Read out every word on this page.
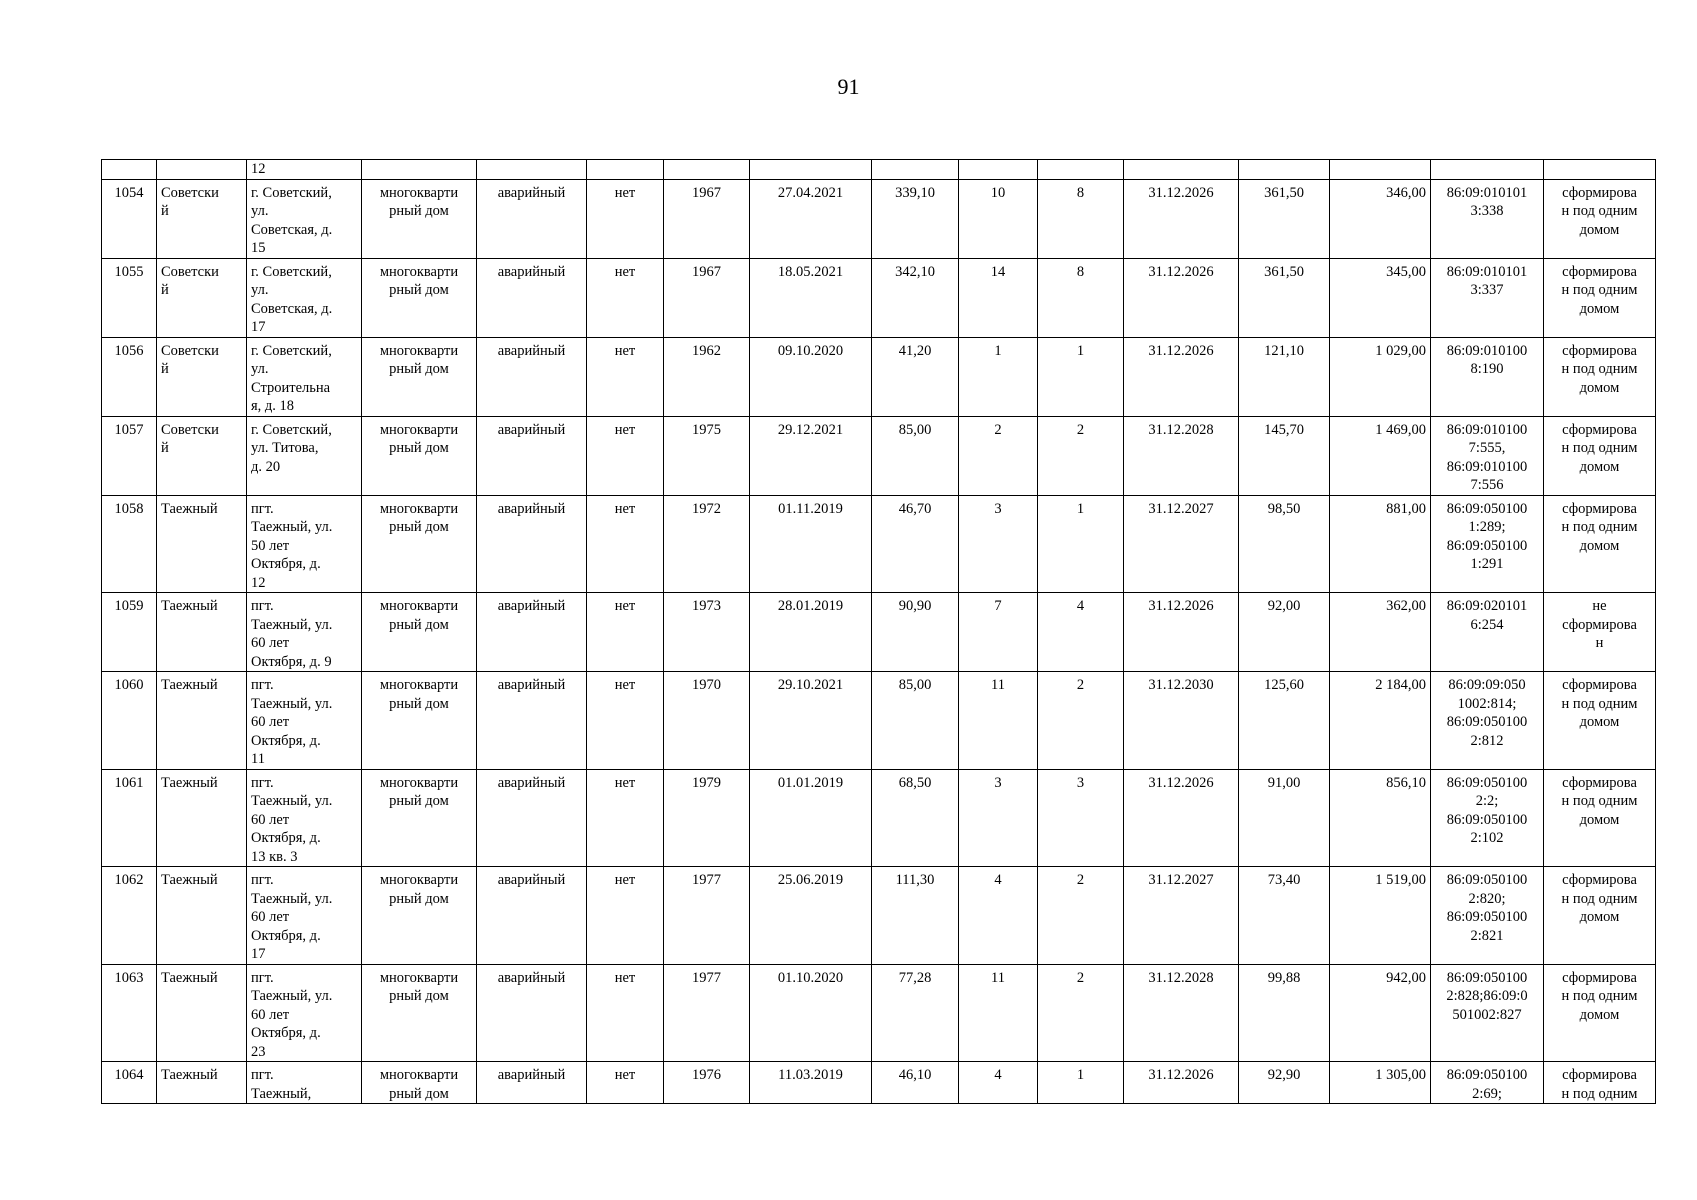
91
		12													

1054	Советски
й	г. Советский,
ул.
Советская, д.
15	многокварти
рный дом	аварийный	нет	1967	27.04.2021	339,10	10	8	31.12.2026	361,50	346,00	86:09:010101
3:338	сформирова
н под одним
домом

1055	Советски
й	г. Советский,
ул.
Советская, д.
17	многокварти
рный дом	аварийный	нет	1967	18.05.2021	342,10	14	8	31.12.2026	361,50	345,00	86:09:010101
3:337	сформирова
н под одним
домом

1056	Советски
й	г. Советский,
ул.
Строительна
я, д. 18	многокварти
рный дом	аварийный	нет	1962	09.10.2020	41,20	1	1	31.12.2026	121,10	1 029,00	86:09:010100
8:190	сформирова
н под одним
домом

1057	Советски
й	г. Советский,
ул. Титова,
д. 20	многокварти
рный дом	аварийный	нет	1975	29.12.2021	85,00	2	2	31.12.2028	145,70	1 469,00	86:09:010100
7:555,
86:09:010100
7:556	сформирова
н под одним
домом

1058	Таежный	пгт.
Таежный, ул.
50 лет
Октября, д.
12	многокварти
рный дом	аварийный	нет	1972	01.11.2019	46,70	3	1	31.12.2027	98,50	881,00	86:09:050100
1:289;
86:09:050100
1:291	сформирова
н под одним
домом

1059	Таежный	пгт.
Таежный, ул.
60 лет
Октября, д. 9	многокварти
рный дом	аварийный	нет	1973	28.01.2019	90,90	7	4	31.12.2026	92,00	362,00	86:09:020101
6:254	не
сформирова
н

1060	Таежный	пгт.
Таежный, ул.
60 лет
Октября, д.
11	многокварти
рный дом	аварийный	нет	1970	29.10.2021	85,00	11	2	31.12.2030	125,60	2 184,00	86:09:09:050
1002:814;
86:09:050100
2:812	сформирова
н под одним
домом

1061	Таежный	пгт.
Таежный, ул.
60 лет
Октября, д.
13 кв. 3	многокварти
рный дом	аварийный	нет	1979	01.01.2019	68,50	3	3	31.12.2026	91,00	856,10	86:09:050100
2:2;
86:09:050100
2:102	сформирова
н под одним
домом

1062	Таежный	пгт.
Таежный, ул.
60 лет
Октября, д.
17	многокварти
рный дом	аварийный	нет	1977	25.06.2019	111,30	4	2	31.12.2027	73,40	1 519,00	86:09:050100
2:820;
86:09:050100
2:821	сформирова
н под одним
домом

1063	Таежный	пгт.
Таежный, ул.
60 лет
Октября, д.
23	многокварти
рный дом	аварийный	нет	1977	01.10.2020	77,28	11	2	31.12.2028	99,88	942,00	86:09:050100
2:828;86:09:0
501002:827	сформирова
н под одним
домом

1064	Таежный	пгт.
Таежный,	многокварти
рный дом	аварийный	нет	1976	11.03.2019	46,10	4	1	31.12.2026	92,90	1 305,00	86:09:050100
2:69;	сформирова
н под одним
